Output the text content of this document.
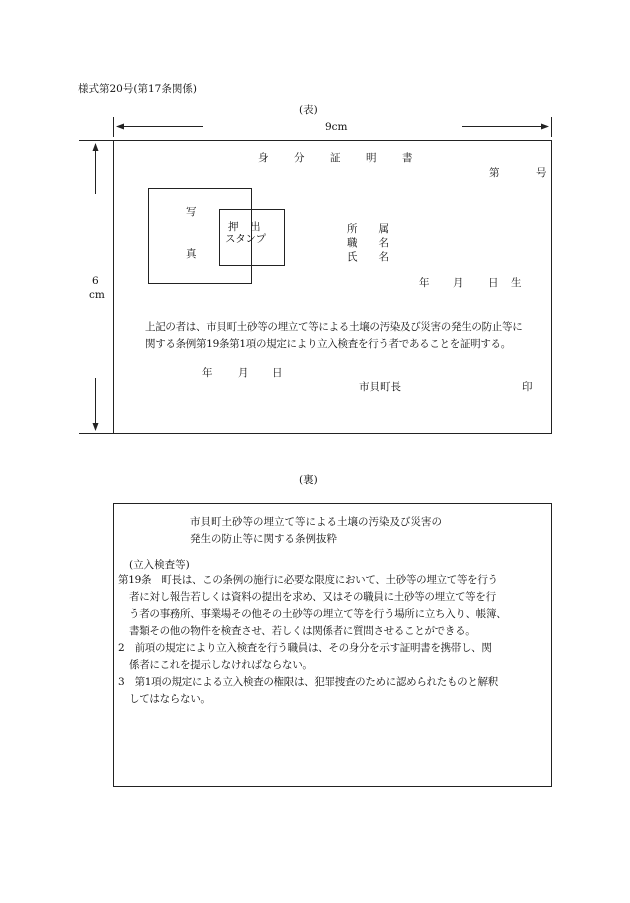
様式第20号(第17条関係)
(表)
9cm
6
cm
身 分 証 明 書
第	号
写
真
押　出
スタンプ
所　　属
職　　名
氏　　名
年 月 日 生
上記の者は、市貝町土砂等の埋立て等による土壌の汚染及び災害の発生の防止等に
関する条例第19条第1項の規定により立入検査を行う者であることを証明する。
年 月 日
市貝町長	印
(裏)
市貝町土砂等の埋立て等による土壌の汚染及び災害の
発生の防止等に関する条例抜粋
(立入検査等)
第19条　町長は、この条例の施行に必要な限度において、土砂等の埋立て等を行う
者に対し報告若しくは資料の提出を求め、又はその職員に土砂等の埋立て等を行
う者の事務所、事業場その他その土砂等の埋立て等を行う場所に立ち入り、帳簿、
書類その他の物件を検査させ、若しくは関係者に質問させることができる。
2　前項の規定により立入検査を行う職員は、その身分を示す証明書を携帯し、関
係者にこれを提示しなければならない。
3　第1項の規定による立入検査の権限は、犯罪捜査のために認められたものと解釈
してはならない。
